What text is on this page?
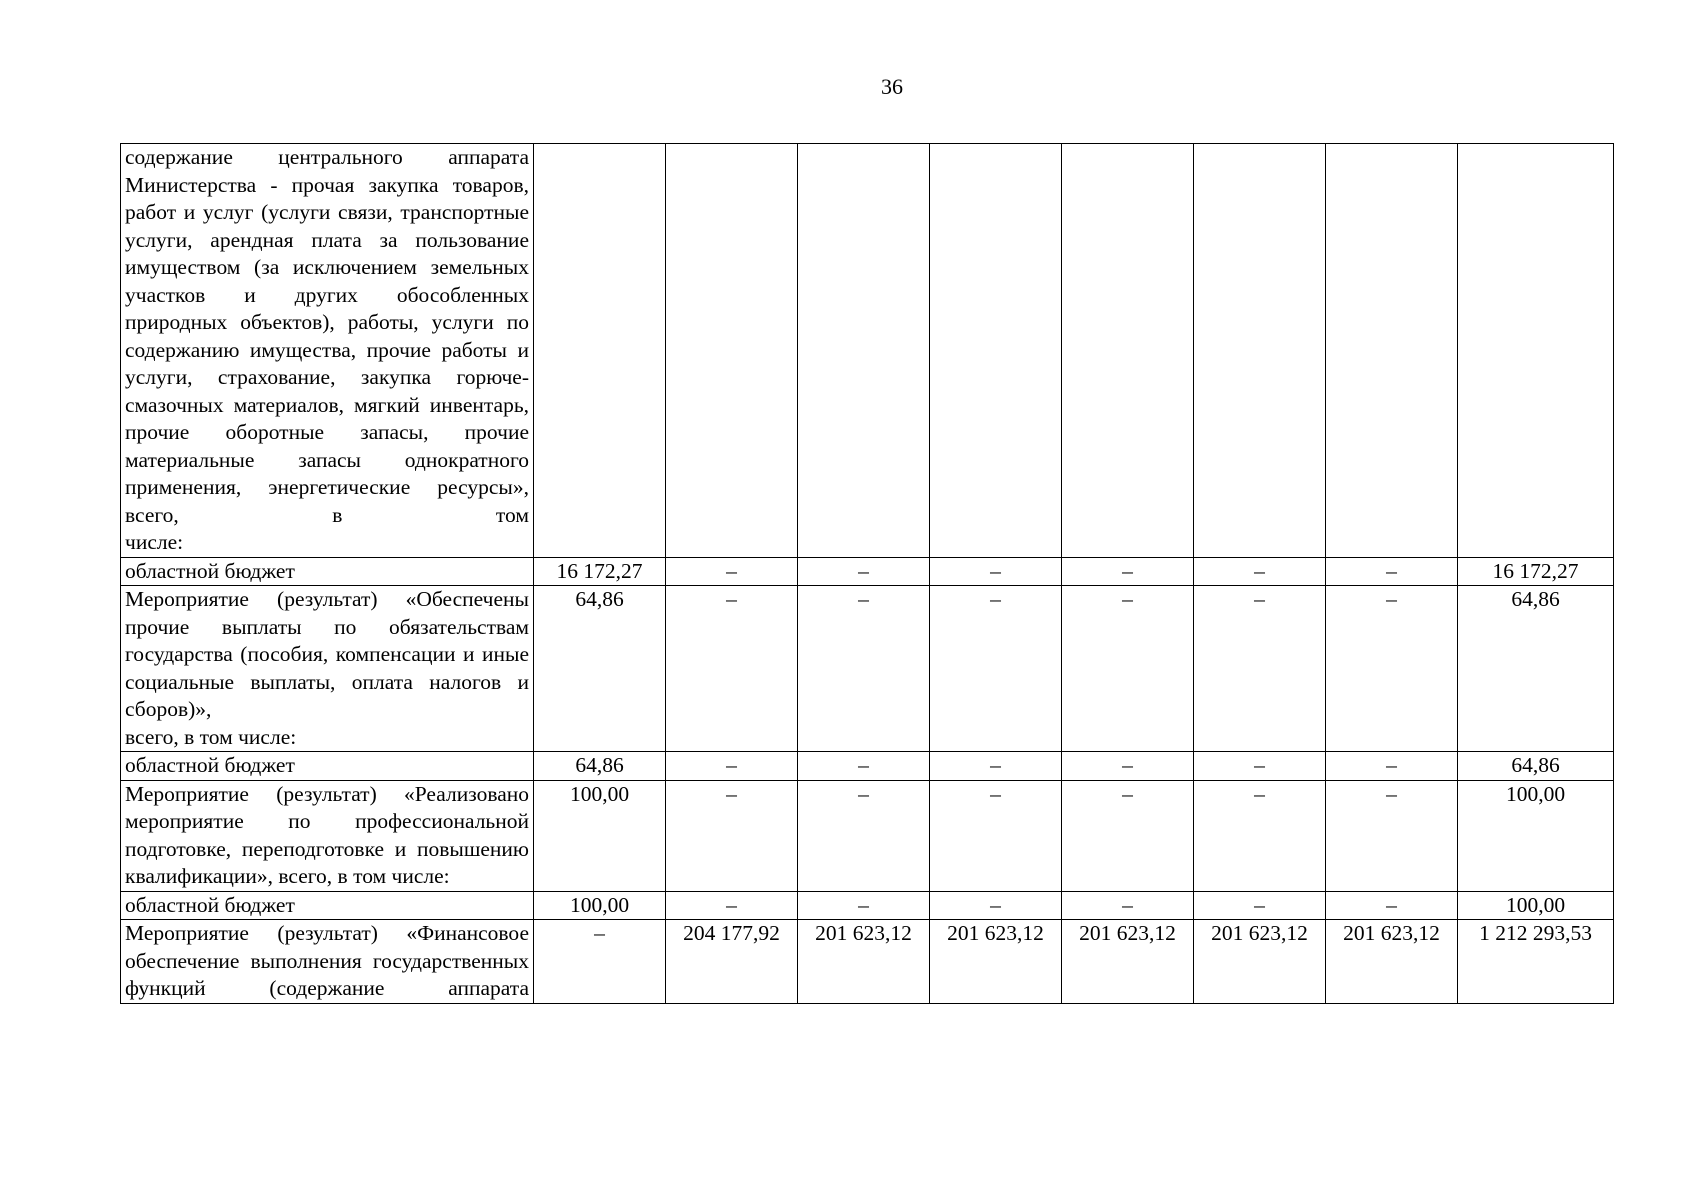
36
содержание центрального аппарата Министерства - прочая закупка товаров, работ и услуг (услуги связи, транспортные услуги, арендная плата за пользование имуществом (за исключением земельных участков и других обособленных природных объектов), работы, услуги по содержанию имущества, прочие работы и услуги, страхование, закупка горюче-смазочных материалов, мягкий инвентарь, прочие оборотные запасы, прочие материальные запасы однократного применения, энергетические ресурсы», всего, в том
числе:								

областной бюджет	16 172,27	–	–	–	–	–	–	16 172,27
Мероприятие (результат) «Обеспечены прочие выплаты по обязательствам государства (пособия, компенсации и иные социальные выплаты, оплата налогов и сборов)»,
всего, в том числе:	64,86	–	–	–	–	–	–	64,86
областной бюджет	64,86	–	–	–	–	–	–	64,86
Мероприятие (результат) «Реализовано мероприятие по профессиональной подготовке, переподготовке и повышению
квалификации», всего, в том числе:	100,00	–	–	–	–	–	–	100,00
областной бюджет	100,00	–	–	–	–	–	–	100,00
Мероприятие (результат) «Финансовое обеспечение выполнения государственных функций (содержание аппарата	–	204 177,92	201 623,12	201 623,12	201 623,12	201 623,12	201 623,12	1 212 293,53
